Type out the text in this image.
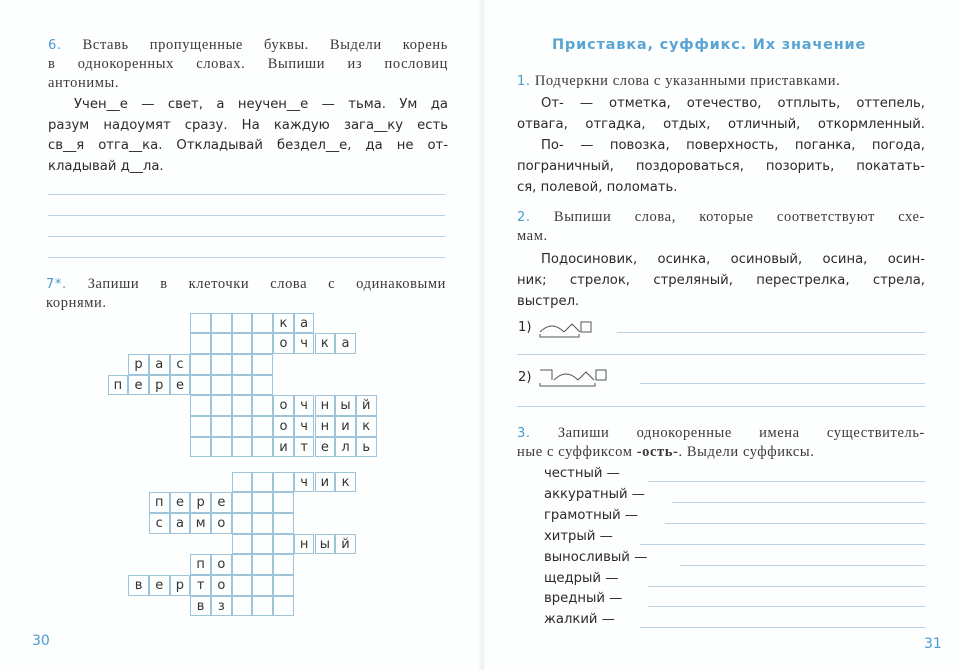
6. Вставь пропущенные буквы. Выдели корень
в однокоренных словах. Выпиши из пословиц
антонимы.
Учен__е — свет, а неучен__е — тьма. Ум да
разум надоумят сразу. На каждую зага__ку есть
св__я отга__ка. Откладывай бездел__е, да не от-
кладывай д__ла.
7*. Запиши в клеточки слова с одинаковыми
корнями.
к а
о ч к а
р а	с
п е р е
о ч н ы й
о ч н и к
и т е л ь
ч и к
п е р е
с	а м о
н ы й
п о
в е р т о
в	з
30
Приставка, суффикс. Их значение
1. Подчеркни слова с указанными приставками.
От- — отметка, отечество, отплыть, оттепель,
отвага, отгадка, отдых, отличный, откормленный.
По- — повозка, поверхность, поганка, погода,
пограничный, поздороваться, позорить, покатать-
ся, полевой, поломать.
2. Выпиши слова, которые соответствуют схе-
мам.
Подосиновик, осинка, осиновый, осина, осин-
ник; стрелок, стреляный, перестрелка, стрела,
выстрел.
1)
2)
3. Запиши однокоренные имена существитель-
ные с суффиксом -ость-. Выдели суффиксы.
честный —
аккуратный —
грамотный —
хитрый —
выносливый —
щедрый —
вредный —
жалкий —
31
